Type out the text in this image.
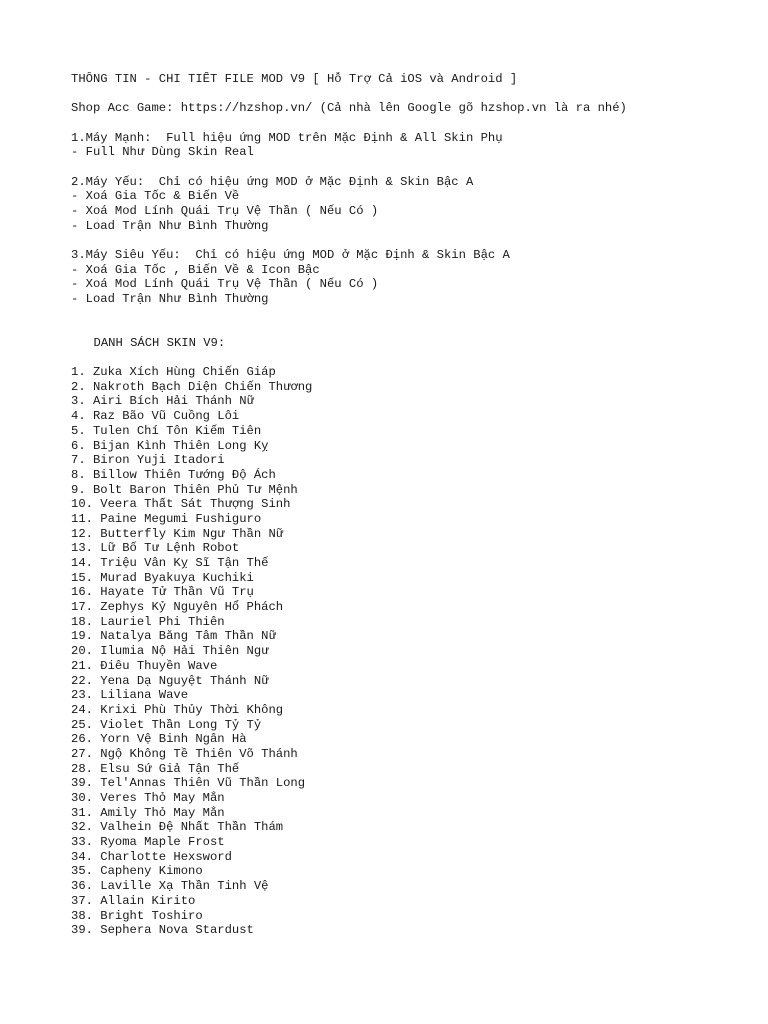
THÔNG TIN - CHI TIẾT FILE MOD V9 [ Hỗ Trợ Cả iOS và Android ]
Shop Acc Game: https://hzshop.vn/ (Cả nhà lên Google gõ hzshop.vn là ra nhé)
1.Máy Mạnh:  Full hiệu ứng MOD trên Mặc Định & All Skin Phụ
- Full Như Dùng Skin Real
2.Máy Yếu:  Chỉ có hiệu ứng MOD ở Mặc Định & Skin Bậc A
- Xoá Gia Tốc & Biến Về
- Xoá Mod Lính Quái Trụ Vệ Thần ( Nếu Có )
- Load Trận Như Bình Thường
3.Máy Siêu Yếu:  Chỉ có hiệu ứng MOD ở Mặc Định & Skin Bậc A
- Xoá Gia Tốc , Biến Về & Icon Bậc
- Xoá Mod Lính Quái Trụ Vệ Thần ( Nếu Có )
- Load Trận Như Bình Thường
DANH SÁCH SKIN V9:
1. Zuka Xích Hùng Chiến Giáp
2. Nakroth Bạch Diện Chiến Thương
3. Airi Bích Hải Thánh Nữ
4. Raz Bão Vũ Cuồng Lôi
5. Tulen Chí Tôn Kiếm Tiên
6. Bijan Kình Thiên Long Kỵ
7. Biron Yuji Itadori
8. Billow Thiên Tướng Độ Ách
9. Bolt Baron Thiên Phủ Tư Mệnh
10. Veera Thất Sát Thượng Sinh
11. Paine Megumi Fushiguro
12. Butterfly Kim Ngư Thần Nữ
13. Lữ Bố Tư Lệnh Robot
14. Triệu Vân Kỵ Sĩ Tận Thế
15. Murad Byakuya Kuchiki
16. Hayate Tử Thần Vũ Trụ
17. Zephys Kỷ Nguyên Hổ Phách
18. Lauriel Phi Thiên
19. Natalya Băng Tâm Thần Nữ
20. Ilumia Nộ Hải Thiên Ngư
21. Điêu Thuyền Wave
22. Yena Dạ Nguyệt Thánh Nữ
23. Liliana Wave
24. Krixi Phù Thủy Thời Không
25. Violet Thần Long Tỷ Tỷ
26. Yorn Vệ Binh Ngân Hà
27. Ngộ Không Tề Thiên Võ Thánh
28. Elsu Sứ Giả Tận Thế
39. Tel'Annas Thiên Vũ Thần Long
30. Veres Thỏ May Mắn
31. Amily Thỏ May Mắn
32. Valhein Đệ Nhất Thần Thám
33. Ryoma Maple Frost
34. Charlotte Hexsword
35. Capheny Kimono
36. Laville Xạ Thần Tinh Vệ
37. Allain Kirito
38. Bright Toshiro
39. Sephera Nova Stardust
